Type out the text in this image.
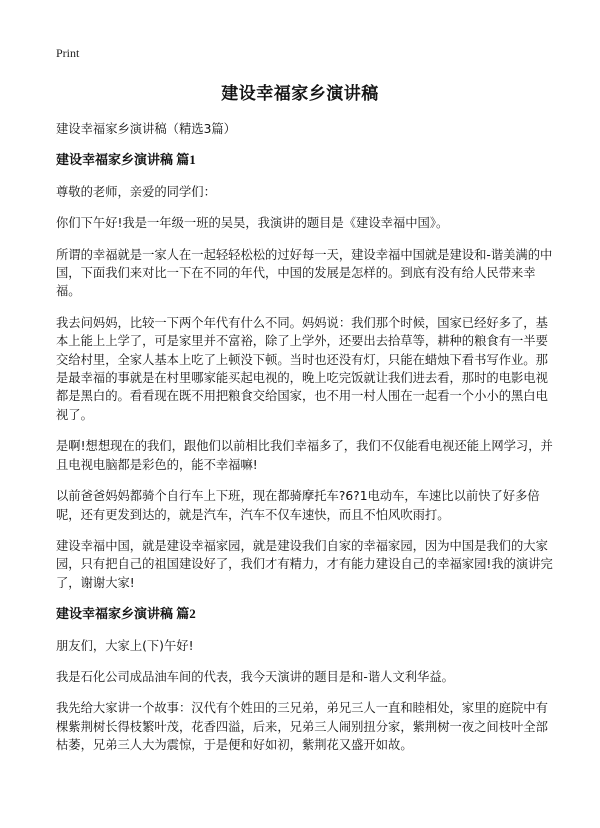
Print
建设幸福家乡演讲稿

建设幸福家乡演讲稿（精选3篇）

建设幸福家乡演讲稿 篇1

尊敬的老师，亲爱的同学们：

你们下午好!我是一年级一班的吴昊，我演讲的题目是《建设幸福中国》。

所谓的幸福就是一家人在一起轻轻松松的过好每一天，建设幸福中国就是建设和-谐美满的中国，下面我们来对比一下在不同的年代，中国的发展是怎样的。到底有没有给人民带来幸福。

我去问妈妈，比较一下两个年代有什么不同。妈妈说：我们那个时候，国家已经好多了，基本上能上上学了，可是家里并不富裕，除了上学外，还要出去拾草等，耕种的粮食有一半要交给村里，全家人基本上吃了上顿没下顿。当时也还没有灯，只能在蜡烛下看书写作业。那是最幸福的事就是在村里哪家能买起电视的，晚上吃完饭就让我们进去看，那时的电影电视都是黑白的。看看现在既不用把粮食交给国家，也不用一村人围在一起看一个小小的黑白电视了。

是啊!想想现在的我们，跟他们以前相比我们幸福多了，我们不仅能看电视还能上网学习，并且电视电脑都是彩色的，能不幸福嘛!

以前爸爸妈妈都骑个自行车上下班，现在都骑摩托车?6?1电动车，车速比以前快了好多倍呢，还有更发到达的，就是汽车，汽车不仅车速快，而且不怕风吹雨打。

建设幸福中国，就是建设幸福家园，就是建设我们自家的幸福家园，因为中国是我们的大家园，只有把自己的祖国建设好了，我们才有精力，才有能力建设自己的幸福家园!我的演讲完了，谢谢大家!

建设幸福家乡演讲稿 篇2

朋友们，大家上(下)午好!

我是石化公司成品油车间的代表，我今天演讲的题目是和-谐人文利华益。

我先给大家讲一个故事：汉代有个姓田的三兄弟，弟兄三人一直和睦相处，家里的庭院中有棵紫荆树长得枝繁叶茂，花香四溢，后来，兄弟三人闹别扭分家，紫荆树一夜之间枝叶全部枯萎，兄弟三人大为震惊，于是便和好如初，紫荆花又盛开如故。
